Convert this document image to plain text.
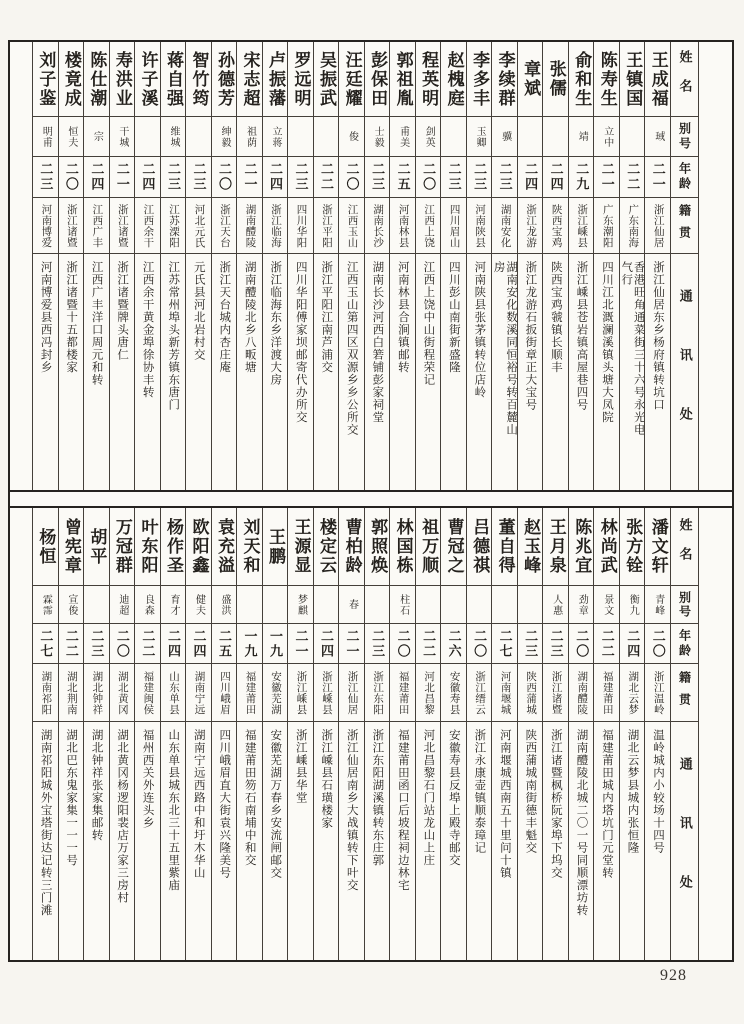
姓名
别号
年龄
籍贯
通讯处
王成福
琙
二一
浙江仙居
浙江仙居东乡杨府镇转坑口
王镇国
二二
广东南海
香港旺角通菜街三十六号永光电气行
陈寿生
立中
二一
广东潮阳
四川江北溉澜溪镇头塘大凤院
俞和生
靖
二九
浙江嵊县
浙江嵊县苍岩镇高屋巷四号
张儒
二四
陕西宝鸡
陕西宝鸡虢镇长顺丰
章斌
二四
浙江龙游
浙江龙游石扳街章正大宝号
李续群
骥
二三
湖南安化
湖南安化数溪同恒裕号转百麓山房
李多丰
玉卿
二三
河南陕县
河南陕县张茅镇转位店岭
赵槐庭
二三
四川眉山
四川彭山南街新盛隆
程英明
剑英
二〇
江西上饶
江西上饶中山街程荣记
郭祖胤
甫美
二五
河南林县
河南林县合涧镇邮转
彭保田
士毅
二三
湖南长沙
湖南长沙河西白箬铺彭家祠堂
汪廷耀
俊
二〇
江西玉山
江西玉山第四区双源乡乡公所交
吴振武
二二
浙江平阳
浙江平阳江南芦浦交
罗远明
二三
四川华阳
四川华阳傅家坝邮寄代办所交
卢振藩
立蒋
二四
浙江临海
浙江临海东乡洋渡大房
宋志超
祖荫
二一
湖南醴陵
湖南醴陵北乡八畈塘
孙德芳
绅毅
二〇
浙江天台
浙江天台城内杏庄庵
智竹筠
二三
河北元氏
元氏县河北岩村交
蒋自强
维城
二三
江苏溧阳
江苏常州埠头新芳镇东唐门
许子溪
二四
江西余干
江西余干黄金埠徐协丰转
寿洪业
干城
二一
浙江诸暨
浙江诸暨牌头唐仁
陈仕潮
宗
二四
江西广丰
江西广丰洋口周元和转
楼竟成
恒夫
二〇
浙江诸暨
浙江诸暨十五都楼家
刘子鉴
明甫
二三
河南博爱
河南博爱县西冯封乡
姓名
别号
年龄
籍贯
通讯处
潘文轩
青峰
二〇
浙江温岭
温岭城内小较场十四号
张方铨
衡九
二四
湖北云梦
湖北云梦县城内张恒隆
林尚武
景文
二二
福建莆田
福建莆田城内塔坑门元堂转
陈兆宜
劲章
二〇
湖南醴陵
湖南醴陵北城二〇一号同顺漂坊转
王月泉
人惠
二三
浙江诸暨
浙江诸暨枫桥阮家埠下坞交
赵玉峰
二三
陕西蒲城
陕西蒲城南街德丰魁交
董自得
二七
河南堰城
河南堰城西南五十里问十镇
吕德祺
二〇
浙江缙云
浙江永康壶镇顺泰璋记
曹冠之
二六
安徽寿县
安徽寿县反埠上殿寺邮交
祖万顺
二二
河北昌黎
河北昌黎石门站龙山上庄
林国栋
柱石
二〇
福建莆田
福建莆田函口后坡程祠边林宅
郭照焕
二三
浙江东阳
浙江东阳湖溪镇转东庄郭
曹柏龄
春
二一
浙江仙居
浙江仙居南乡大战镇转下叶交
楼定云
二四
浙江嵊县
浙江嵊县石璜楼家
王源显
梦麒
二一
浙江嵊县
浙江嵊县华堂
王鹏
一九
安徽芜湖
安徽芜湖万春乡安流闸邮交
刘天和
一九
福建莆田
福建莆田笏石南埔中和交
袁充溢
盛洪
二五
四川峨眉
四川峨眉直大街袁兴隆美号
欧阳鑫
健夫
二四
湖南宁远
湖南宁远西路中和圩木华山
杨作圣
育才
二四
山东单县
山东单县城东北三十五里紫庙
叶东阳
良森
二二
福建闽侯
福州西关外连头乡
万冠群
迪超
二〇
湖北黄冈
湖北黄冈杨逻阳裴店万家三房村
胡平
二三
湖北钟祥
湖北钟祥张家集邮转
曾宪章
宣俊
二二
湖北荆南
湖北巴东鬼家集一一一号
杨恒
霖霈
二七
湖南祁阳
湖南祁阳城外宝塔街达记转三门滩
928
